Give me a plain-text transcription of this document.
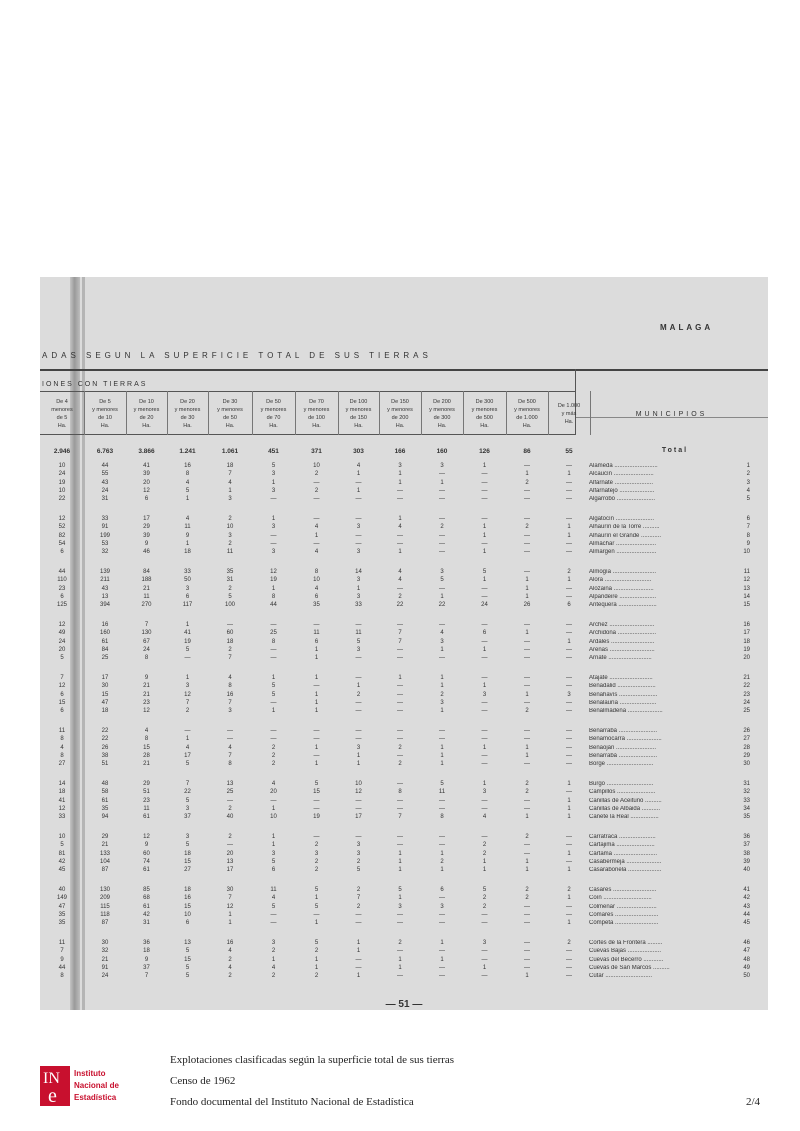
MALAGA
ADAS SEGUN LA SUPERFICIE TOTAL DE SUS TIERRAS
IONES CON TIERRAS
De 4
menores
de 5
Ha.
De 5
y menores
de 10
Ha.
De 10
y menores
de 20
Ha.
De 20
y menores
de 30
Ha.
De 30
y menores
de 50
Ha.
De 50
y menores
de 70
Ha.
De 70
y menores
de 100
Ha.
De 100
y menores
de 150
Ha.
De 150
y menores
de 200
Ha.
De 200
y menores
de 300
Ha.
De 300
y menores
de 500
Ha.
De 500
y menores
de 1.000
Ha.
De 1.000
y más
Ha.
MUNICIPIOS
2.946	6.763	3.866	1.241	1.061	451	371	303	166	160	126	86	55	Total
10	44	41	16	18	5	10	4	3	3	1	—	—	Alameda ..........................	1
24	55	39	8	7	3	2	1	1	—	—	1	1	Alcaucín ........................	2
19	43	20	4	4	1	—	—	1	1	—	2	—	Alfarnate .......................	3
10	24	12	5	1	3	2	1	—	—	—	—	—	Alfarnatejo .....................	4
22	31	6	1	3	—	—	—	—	—	—	—	—	Algarrobo .......................	5
12	33	17	4	2	1	—	—	1	—	—	—	—	Algatocín .......................	6
52	91	29	11	10	3	4	3	4	2	1	2	1	Alhaurín de la Torre ..........	7
82	199	39	9	3	—	1	—	—	—	1	—	1	Alhaurín el Grande ............	8
54	53	9	1	2	—	—	—	—	—	—	—	—	Almáchar ........................	9
6	32	46	18	11	3	4	3	1	—	1	—	—	Almargen ........................	10
44	139	84	33	35	12	8	14	4	3	5	—	2	Almogía ..........................	11
110	211	188	50	31	19	10	3	4	5	1	1	1	Alora ............................	12
23	43	21	3	2	1	4	1	—	—	—	1	—	Alozaina ........................	13
6	13	11	6	5	8	6	3	2	1	—	1	—	Alpandeire ......................	14
125	394	270	117	100	44	35	33	22	22	24	26	6	Antequera .......................	15
12	16	7	1	—	—	—	—	—	—	—	—	—	Archez ...........................	16
49	160	130	41	60	25	11	11	7	4	6	1	—	Archidona .......................	17
24	61	67	19	18	8	6	5	7	3	—	—	1	Ardales ..........................	18
20	84	24	5	2	—	1	3	—	1	1	—	—	Arenas ...........................	19
5	25	8	—	7	—	1	—	—	—	—	—	—	Arriate ..........................	20
7	17	9	1	4	1	1	—	1	1	—	—	—	Atajate ..........................	21
12	30	21	3	8	5	—	1	—	1	1	—	—	Benadalid .......................	22
6	15	21	12	16	5	1	2	—	2	3	1	3	Benahavís .......................	23
15	47	23	7	7	—	1	—	—	3	—	—	—	Benalauría ......................	24
6	18	12	2	3	1	1	—	—	1	—	2	—	Benalmádena .....................	25
11	22	4	—	—	—	—	—	—	—	—	—	—	Benarrabá .......................	26
8	22	8	1	—	—	—	—	—	—	—	—	—	Benamocarra .....................	27
4	26	15	4	4	2	1	3	2	1	1	1	—	Benaoján ........................	28
8	38	28	17	7	2	—	1	—	1	—	1	—	Benarrabá .......................	29
27	51	21	5	8	2	1	1	2	1	—	—	—	Borge ............................	30
14	48	29	7	13	4	5	10	—	5	1	2	1	Burgo ............................	31
18	58	51	22	25	20	15	12	8	11	3	2	—	Campillos .......................	32
41	61	23	5	—	—	—	—	—	—	—	—	1	Canillas de Aceituno ..........	33
12	35	11	3	2	1	—	—	—	—	—	—	1	Canillas de Albaida ...........	34
33	94	61	37	40	10	19	17	7	8	4	1	1	Cañete la Real .................	35
10	29	12	3	2	1	—	—	—	—	—	2	—	Carratraca ......................	36
5	21	9	5	—	1	2	3	—	—	2	—	—	Cartajima .......................	37
81	133	60	18	20	3	3	3	1	1	2	—	1	Cártama ..........................	38
42	104	74	15	13	5	2	2	1	2	1	1	—	Casabermeja .....................	39
45	87	61	27	17	6	2	5	1	1	1	1	1	Casarabonela ....................	40
40	130	85	18	30	11	5	2	5	6	5	2	2	Casares ..........................	41
149	209	68	16	7	4	1	7	1	—	2	2	1	Coín .............................	42
47	115	61	15	12	5	5	2	3	3	2	—	—	Colmenar ........................	43
35	118	42	10	1	—	—	—	—	—	—	—	—	Comares ..........................	44
35	87	31	6	1	—	1	—	—	—	—	—	1	Cómpeta ..........................	45
11	30	36	13	16	3	5	1	2	1	3	—	2	Cortes de la Frontera .........	46
7	32	18	5	4	2	2	1	—	—	—	—	—	Cuevas Bajas ....................	47
9	21	9	15	2	1	1	—	1	1	—	—	—	Cuevas del Becerro ............	48
44	91	37	5	4	4	1	—	1	—	1	—	—	Cuevas de San Marcos ..........	49
8	24	7	5	2	2	2	1	—	—	—	1	—	Cútar ............................	50
— 51 —
IN
e
Instituto
Nacional de
Estadística
Explotaciones clasificadas según la superficie total de sus tierras
Censo de 1962
Fondo documental del Instituto Nacional de Estadística	2/4
